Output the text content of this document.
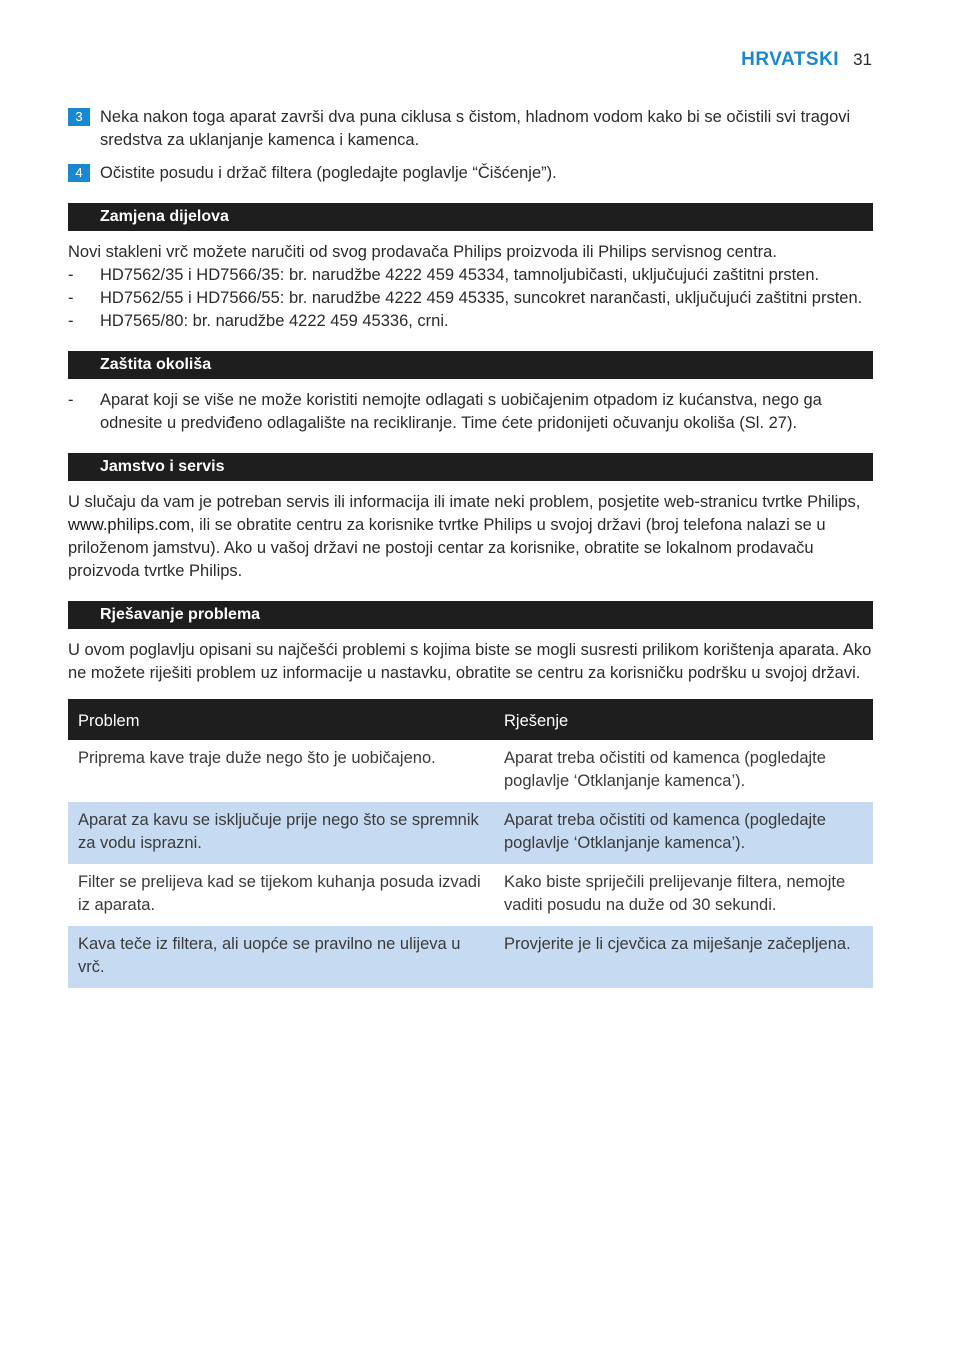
HRVATSKI 31
3	Neka nakon toga aparat završi dva puna ciklusa s čistom, hladnom vodom kako bi se očistili svi tragovi sredstva za uklanjanje kamenca i kamenca.
4	Očistite posudu i držač filtera (pogledajte poglavlje “Čišćenje”).
Zamjena dijelova

Novi stakleni vrč možete naručiti od svog prodavača Philips proizvoda ili Philips servisnog centra.

- HD7562/35 i HD7566/35: br. narudžbe 4222 459 45334, tamnoljubičasti, uključujući zaštitni prsten.
- HD7562/55 i HD7566/55: br. narudžbe 4222 459 45335, suncokret narančasti, uključujući zaštitni prsten.
- HD7565/80: br. narudžbe 4222 459 45336, crni.
Zaštita okoliša
- Aparat koji se više ne može koristiti nemojte odlagati s uobičajenim otpadom iz kućanstva, nego ga odnesite u predviđeno odlagalište na recikliranje. Time ćete pridonijeti očuvanju okoliša (Sl. 27).
Jamstvo i servis

U slučaju da vam je potreban servis ili informacija ili imate neki problem, posjetite web-stranicu tvrtke Philips, www.philips.com, ili se obratite centru za korisnike tvrtke Philips u svojoj državi (broj telefona nalazi se u priloženom jamstvu). Ako u vašoj državi ne postoji centar za korisnike, obratite se lokalnom prodavaču proizvoda tvrtke Philips.

Rješavanje problema

U ovom poglavlju opisani su najčešći problemi s kojima biste se mogli susresti prilikom korištenja aparata. Ako ne možete riješiti problem uz informacije u nastavku, obratite se centru za korisničku podršku u svojoj državi.

Problem	Rješenje
Priprema kave traje duže nego što je uobičajeno.	Aparat treba očistiti od kamenca (pogledajte poglavlje ‘Otklanjanje kamenca’).
Aparat za kavu se isključuje prije nego što se spremnik za vodu isprazni.	Aparat treba očistiti od kamenca (pogledajte poglavlje ‘Otklanjanje kamenca’).
Filter se prelijeva kad se tijekom kuhanja posuda izvadi iz aparata.	Kako biste spriječili prelijevanje filtera, nemojte vaditi posudu na duže od 30 sekundi.
Kava teče iz filtera, ali uopće se pravilno ne ulijeva u vrč.	Provjerite je li cjevčica za miješanje začepljena.
